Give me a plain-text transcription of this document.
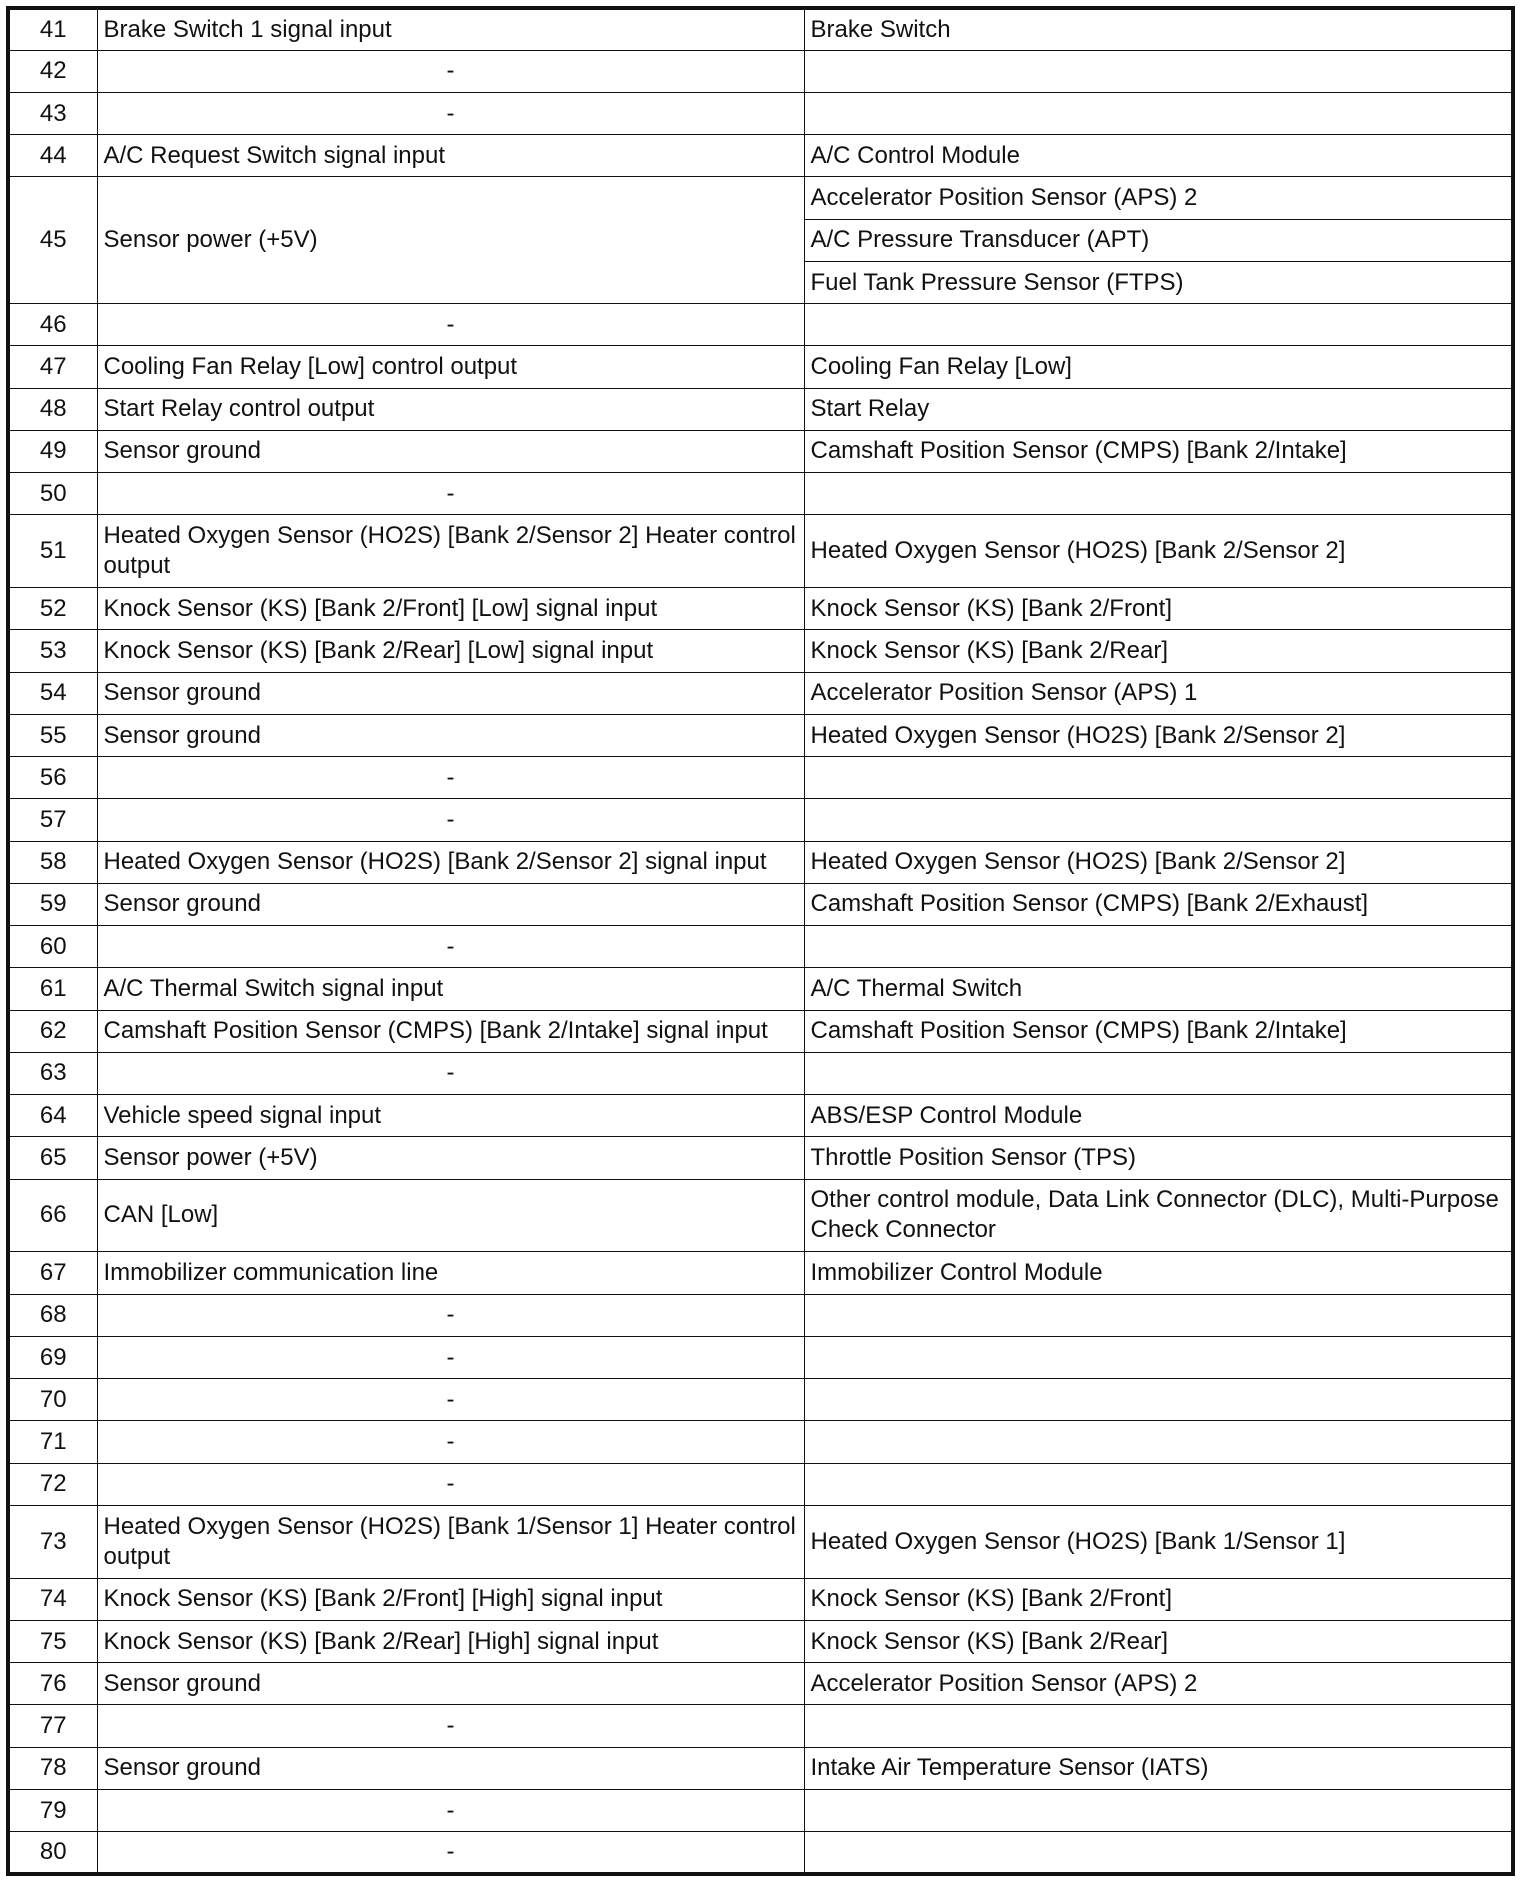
41	Brake Switch 1 signal input	Brake Switch
42	-	
43	-	
44	A/C Request Switch signal input	A/C Control Module
45	Sensor power (+5V)	Accelerator Position Sensor (APS) 2
		A/C Pressure Transducer (APT)
		Fuel Tank Pressure Sensor (FTPS)
46	-	
47	Cooling Fan Relay [Low] control output	Cooling Fan Relay [Low]
48	Start Relay control output	Start Relay
49	Sensor ground	Camshaft Position Sensor (CMPS) [Bank 2/Intake]
50	-	
51	Heated Oxygen Sensor (HO2S) [Bank 2/Sensor 2] Heater control output	Heated Oxygen Sensor (HO2S) [Bank 2/Sensor 2]
52	Knock Sensor (KS) [Bank 2/Front] [Low] signal input	Knock Sensor (KS) [Bank 2/Front]
53	Knock Sensor (KS) [Bank 2/Rear] [Low] signal input	Knock Sensor (KS) [Bank 2/Rear]
54	Sensor ground	Accelerator Position Sensor (APS) 1
55	Sensor ground	Heated Oxygen Sensor (HO2S) [Bank 2/Sensor 2]
56	-	
57	-	
58	Heated Oxygen Sensor (HO2S) [Bank 2/Sensor 2] signal input	Heated Oxygen Sensor (HO2S) [Bank 2/Sensor 2]
59	Sensor ground	Camshaft Position Sensor (CMPS) [Bank 2/Exhaust]
60	-	
61	A/C Thermal Switch signal input	A/C Thermal Switch
62	Camshaft Position Sensor (CMPS) [Bank 2/Intake] signal input	Camshaft Position Sensor (CMPS) [Bank 2/Intake]
63	-	
64	Vehicle speed signal input	ABS/ESP Control Module
65	Sensor power (+5V)	Throttle Position Sensor (TPS)
66	CAN [Low]	Other control module, Data Link Connector (DLC), Multi-Purpose Check Connector
67	Immobilizer communication line	Immobilizer Control Module
68	-	
69	-	
70	-	
71	-	
72	-	
73	Heated Oxygen Sensor (HO2S) [Bank 1/Sensor 1] Heater control output	Heated Oxygen Sensor (HO2S) [Bank 1/Sensor 1]
74	Knock Sensor (KS) [Bank 2/Front] [High] signal input	Knock Sensor (KS) [Bank 2/Front]
75	Knock Sensor (KS) [Bank 2/Rear] [High] signal input	Knock Sensor (KS) [Bank 2/Rear]
76	Sensor ground	Accelerator Position Sensor (APS) 2
77	-	
78	Sensor ground	Intake Air Temperature Sensor (IATS)
79	-	
80	-	
